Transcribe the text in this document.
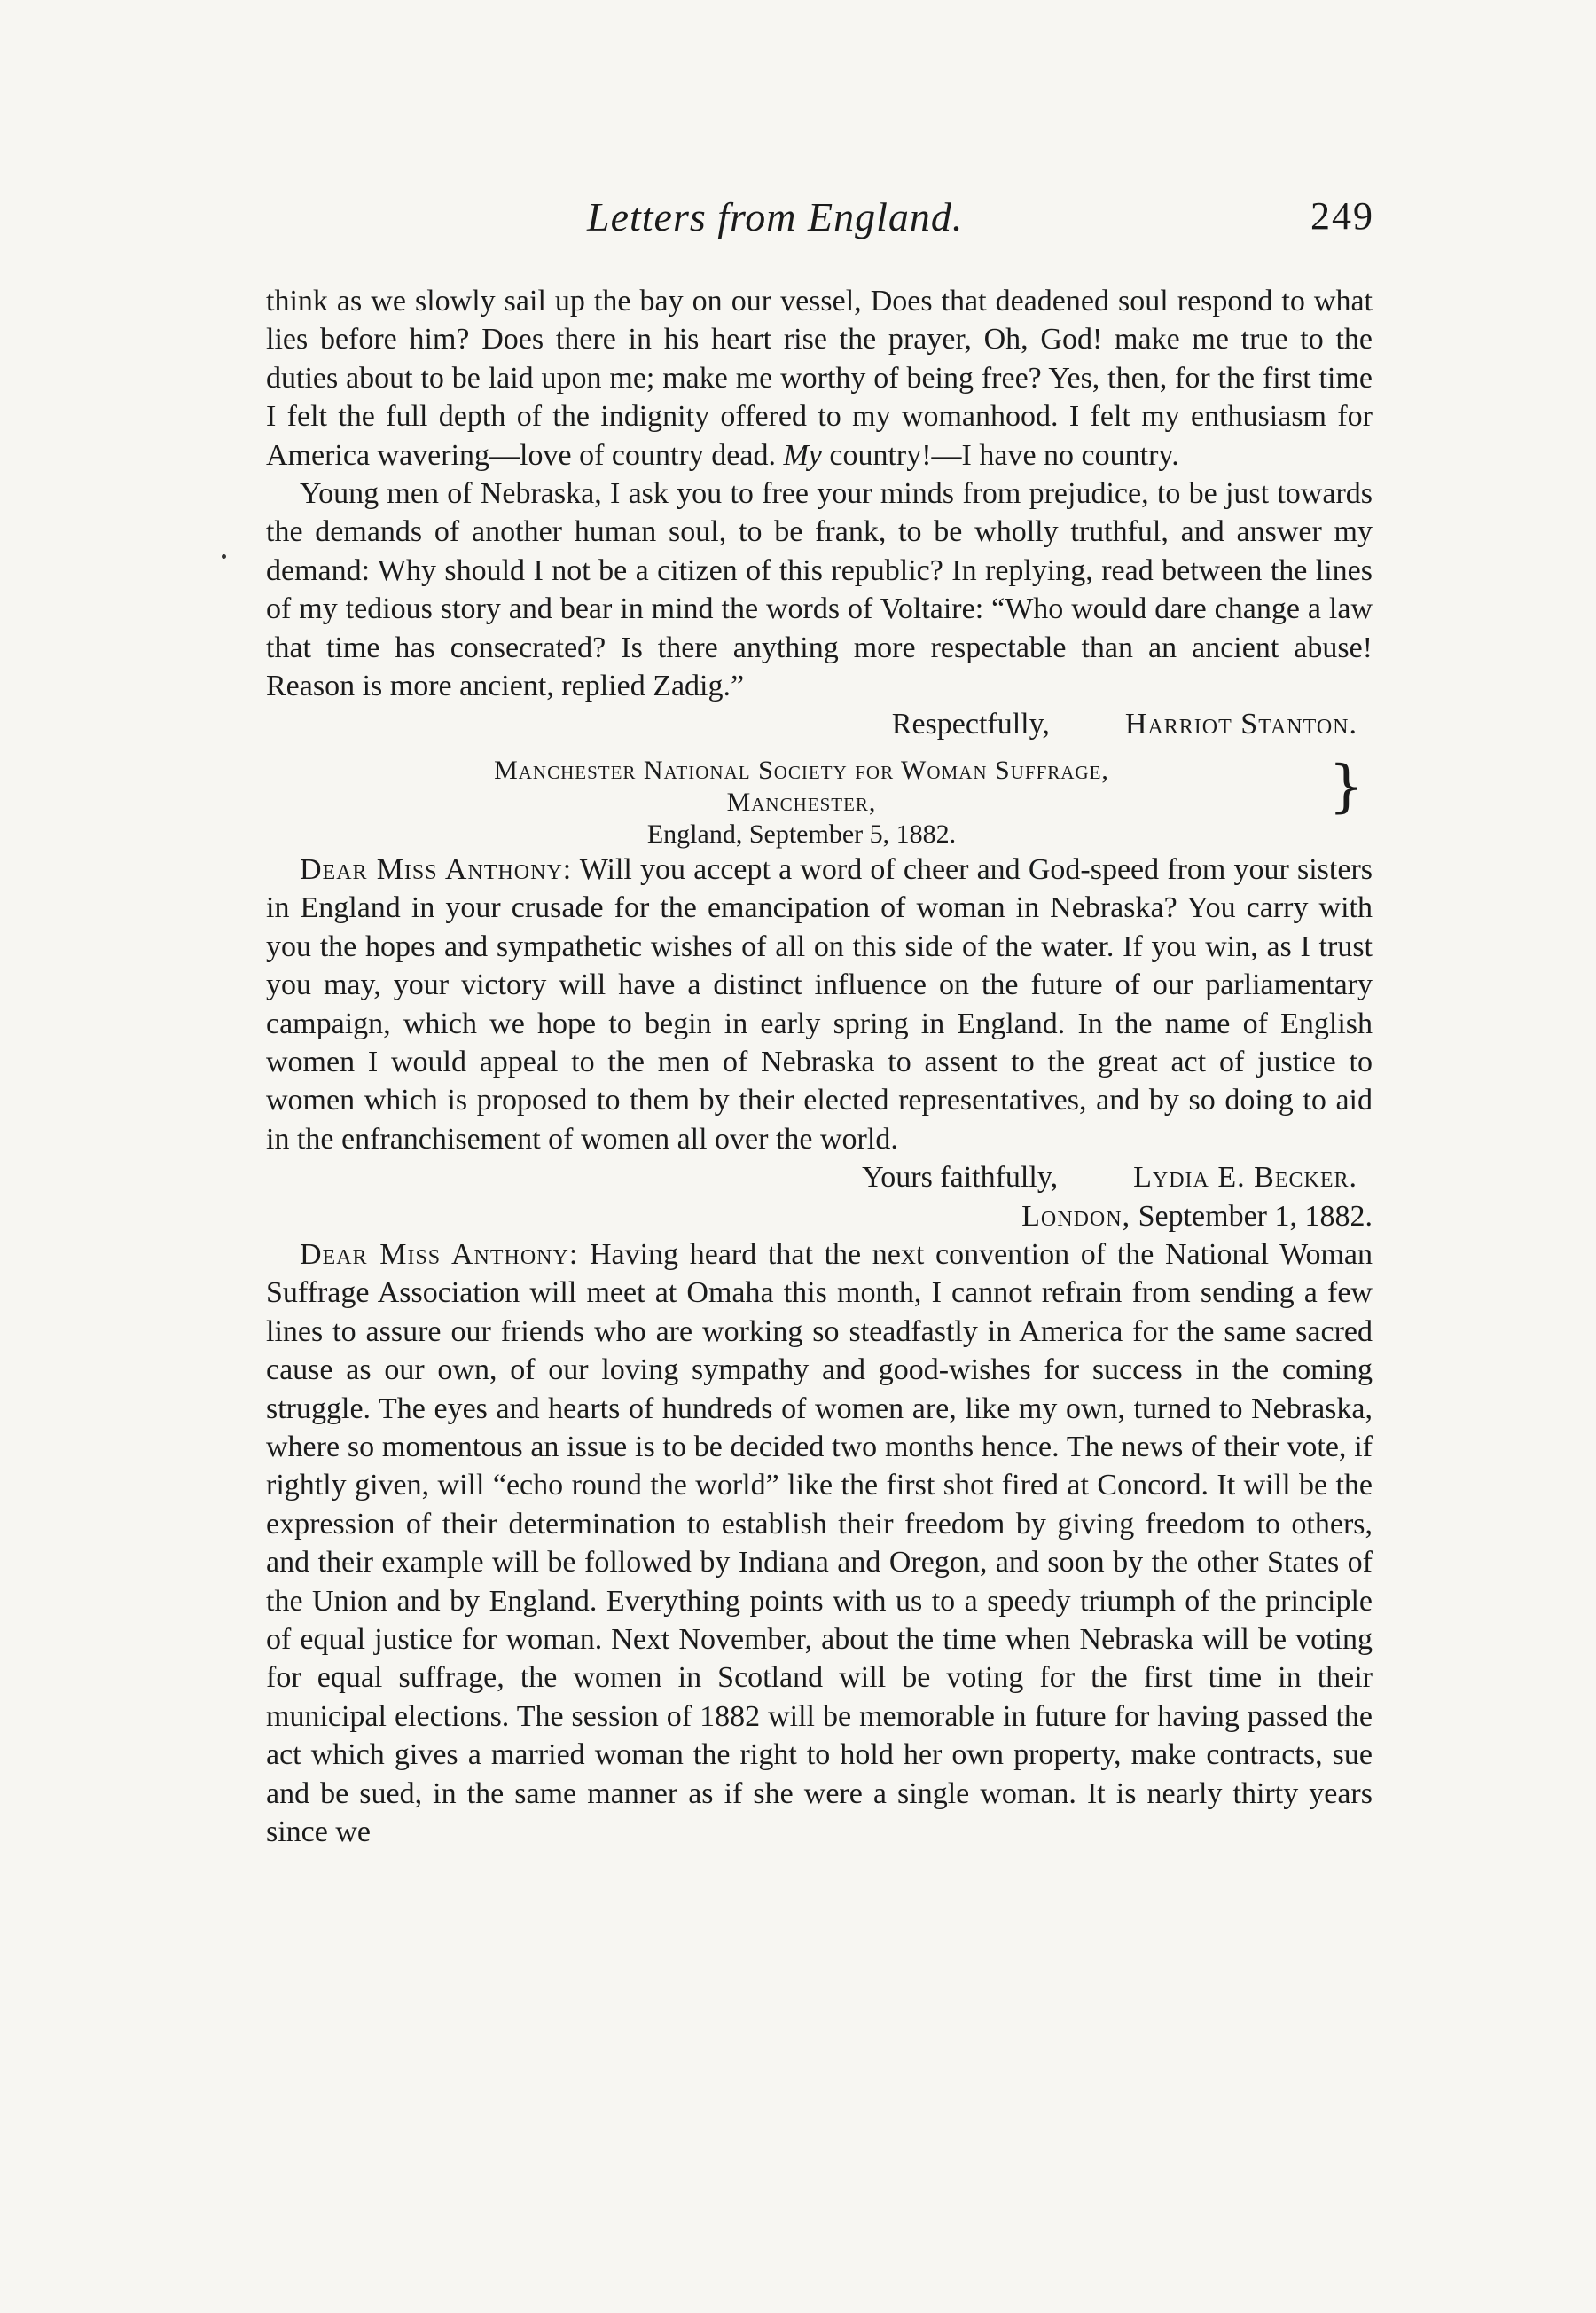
Letters from England.	249

think as we slowly sail up the bay on our vessel, Does that deadened soul respond to what lies before him? Does there in his heart rise the prayer, Oh, God! make me true to the duties about to be laid upon me; make me worthy of being free? Yes, then, for the first time I felt the full depth of the indignity offered to my womanhood. I felt my enthusiasm for America wavering—love of country dead. My country!—I have no country.

Young men of Nebraska, I ask you to free your minds from prejudice, to be just towards the demands of another human soul, to be frank, to be wholly truthful, and answer my demand: Why should I not be a citizen of this republic? In replying, read between the lines of my tedious story and bear in mind the words of Voltaire: “Who would dare change a law that time has consecrated? Is there anything more respectable than an ancient abuse! Reason is more ancient, replied Zadig.”

Respectfully,	Harriot Stanton.

Manchester National Society for Woman Suffrage,
Manchester,
England, September 5, 1882.
}

Dear Miss Anthony: Will you accept a word of cheer and God-speed from your sisters in England in your crusade for the emancipation of woman in Nebraska? You carry with you the hopes and sympathetic wishes of all on this side of the water. If you win, as I trust you may, your victory will have a distinct influence on the future of our parliamentary campaign, which we hope to begin in early spring in England. In the name of English women I would appeal to the men of Nebraska to assent to the great act of justice to women which is proposed to them by their elected representatives, and by so doing to aid in the enfranchisement of women all over the world.

Yours faithfully,	Lydia E. Becker.

London, September 1, 1882.

Dear Miss Anthony: Having heard that the next convention of the National Woman Suffrage Association will meet at Omaha this month, I cannot refrain from sending a few lines to assure our friends who are working so steadfastly in America for the same sacred cause as our own, of our loving sympathy and good-wishes for success in the coming struggle. The eyes and hearts of hundreds of women are, like my own, turned to Nebraska, where so momentous an issue is to be decided two months hence. The news of their vote, if rightly given, will “echo round the world” like the first shot fired at Concord. It will be the expression of their determination to establish their freedom by giving freedom to others, and their example will be followed by Indiana and Oregon, and soon by the other States of the Union and by England. Everything points with us to a speedy triumph of the principle of equal justice for woman. Next November, about the time when Nebraska will be voting for equal suffrage, the women in Scotland will be voting for the first time in their municipal elections. The session of 1882 will be memorable in future for having passed the act which gives a married woman the right to hold her own property, make contracts, sue and be sued, in the same manner as if she were a single woman. It is nearly thirty years since we
